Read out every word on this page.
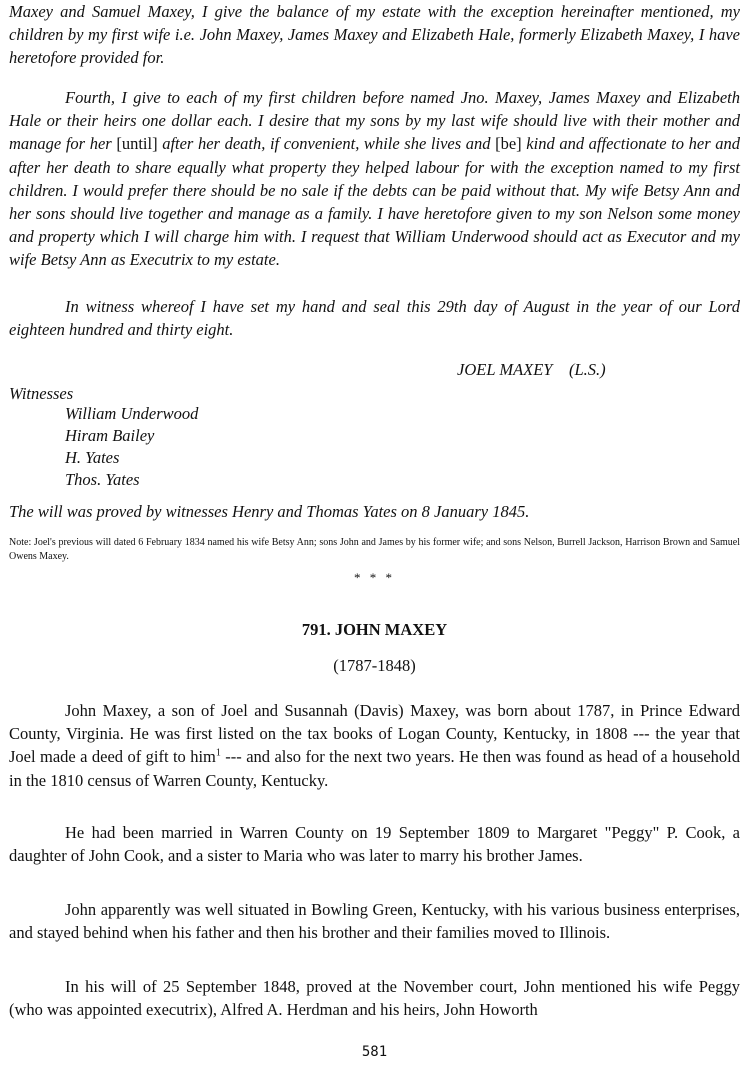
Maxey and Samuel Maxey, I give the balance of my estate with the exception hereinafter mentioned, my children by my first wife i.e. John Maxey, James Maxey and Elizabeth Hale, formerly Elizabeth Maxey, I have heretofore provided for.

Fourth, I give to each of my first children before named Jno. Maxey, James Maxey and Elizabeth Hale or their heirs one dollar each. I desire that my sons by my last wife should live with their mother and manage for her [until] after her death, if convenient, while she lives and [be] kind and affectionate to her and after her death to share equally what property they helped labour for with the exception named to my first children. I would prefer there should be no sale if the debts can be paid without that. My wife Betsy Ann and her sons should live together and manage as a family. I have heretofore given to my son Nelson some money and property which I will charge him with. I request that William Underwood should act as Executor and my wife Betsy Ann as Executrix to my estate.

In witness whereof I have set my hand and seal this 29th day of August in the year of our Lord eighteen hundred and thirty eight.

JOEL MAXEY (L.S.)
Witnesses
William Underwood
Hiram Bailey
H. Yates
Thos. Yates

The will was proved by witnesses Henry and Thomas Yates on 8 January 1845.

Note: Joel's previous will dated 6 February 1834 named his wife Betsy Ann; sons John and James by his former wife; and sons Nelson, Burrell Jackson, Harrison Brown and Samuel Owens Maxey.

* * *
791. JOHN MAXEY
(1787-1848)

John Maxey, a son of Joel and Susannah (Davis) Maxey, was born about 1787, in Prince Edward County, Virginia. He was first listed on the tax books of Logan County, Kentucky, in 1808 --- the year that Joel made a deed of gift to him$^1$ --- and also for the next two years. He then was found as head of a household in the 1810 census of Warren County, Kentucky.

He had been married in Warren County on 19 September 1809 to Margaret "Peggy" P. Cook, a daughter of John Cook, and a sister to Maria who was later to marry his brother James.

John apparently was well situated in Bowling Green, Kentucky, with his various business enterprises, and stayed behind when his father and then his brother and their families moved to Illinois.

In his will of 25 September 1848, proved at the November court, John mentioned his wife Peggy (who was appointed executrix), Alfred A. Herdman and his heirs, John Howorth

581
